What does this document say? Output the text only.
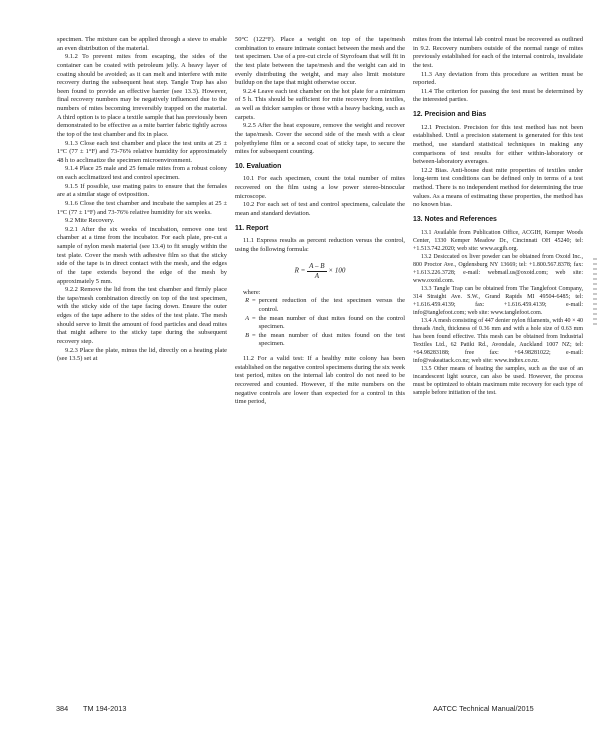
specimen. The mixture can be applied through a sieve to enable an even distribution of the material.

9.1.2 To prevent mites from escaping, the sides of the container can be coated with petroleum jelly. A heavy layer of coating should be avoided; as it can melt and interfere with mite recovery during the subsequent heat step. Tangle Trap has also been found to provide an effective barrier (see 13.3). However, final recovery numbers may be negatively influenced due to the numbers of mites becoming irreversibly trapped on the material. A third option is to place a textile sample that has previously been demonstrated to be effective as a mite barrier fabric tightly across the top of the test chamber and fix in place.

9.1.3 Close each test chamber and place the test units at 25 ± 1°C (77 ± 1°F) and 73-76% relative humidity for approximately 48 h to acclimatize the specimen microenvironment.

9.1.4 Place 25 male and 25 female mites from a robust colony on each acclimatized test and control specimen.

9.1.5 If possible, use mating pairs to ensure that the females are at a similar stage of oviposition.

9.1.6 Close the test chamber and incubate the samples at 25 ± 1°C (77 ± 1°F) and 73-76% relative humidity for six weeks.

9.2 Mite Recovery.

9.2.1 After the six weeks of incubation, remove one test chamber at a time from the incubator. For each plate, pre-cut a sample of nylon mesh material (see 13.4) to fit snugly within the test plate. Cover the mesh with adhesive film so that the sticky side of the tape is in direct contact with the mesh, and the edges of the tape extends beyond the edge of the mesh by approximately 5 mm.

9.2.2 Remove the lid from the test chamber and firmly place the tape/mesh combination directly on top of the test specimen, with the sticky side of the tape facing down. Ensure the outer edges of the tape adhere to the sides of the test plate. The mesh should serve to limit the amount of food particles and dead mites that might adhere to the sticky tape during the subsequent recovery step.

9.2.3 Place the plate, minus the lid, directly on a heating plate (see 13.5) set at

50°C (122°F). Place a weight on top of the tape/mesh combination to ensure intimate contact between the mesh and the test specimen. Use of a pre-cut circle of Styrofoam that will fit in the test plate between the tape/mesh and the weight can aid in evenly distributing the weight, and may also limit moisture buildup on the tape that might otherwise occur.

9.2.4 Leave each test chamber on the hot plate for a minimum of 5 h. This should be sufficient for mite recovery from textiles, as well as thicker samples or those with a heavy backing, such as carpets.

9.2.5 After the heat exposure, remove the weight and recover the tape/mesh. Cover the second side of the mesh with a clear polyethylene film or a second coat of sticky tape, to secure the mites for subsequent counting.

10. Evaluation

10.1 For each specimen, count the total number of mites recovered on the film using a low power stereo-binocular microscope.

10.2 For each set of test and control specimens, calculate the mean and standard deviation.

11. Report

11.1 Express results as percent reduction versus the control, using the following formula:

$R = \frac{A - B}{A} \times 100$

where:

R = percent reduction of the test specimen versus the control.
A = the mean number of dust mites found on the control specimen.
B = the mean number of dust mites found on the test specimen.

11.2 For a valid test: If a healthy mite colony has been established on the negative control specimens during the six week test period, mites on the internal lab control do not need to be recovered and counted. However, if the mite numbers on the negative controls are lower than expected for a control in this time period,

mites from the internal lab control must be recovered as outlined in 9.2. Recovery numbers outside of the normal range of mites previously established for each of the internal controls, invalidate the test.

11.3 Any deviation from this procedure as written must be reported.

11.4 The criterion for passing the test must be determined by the interested parties.

12. Precision and Bias

12.1 Precision. Precision for this test method has not been established. Until a precision statement is generated for this test method, use standard statistical techniques in making any comparisons of test results for either within-laboratory or between-laboratory averages.

12.2 Bias. Anti-house dust mite properties of textiles under long-term test conditions can be defined only in terms of a test method. There is no independent method for determining the true values. As a means of estimating these properties, the method has no known bias.

13. Notes and References

13.1 Available from Publication Office, ACGIH, Kemper Woods Center, 1330 Kemper Meadow Dr., Cincinnati OH 45240; tel: +1.513.742.2020; web site: www.acgih.org.

13.2 Desiccated ox liver powder can be obtained from Oxoid Inc., 800 Proctor Ave., Ogdensburg NY 13669; tel: +1.800.567.8378; fax: +1.613.226.3728; e-mail: webmail.us@oxoid.com; web site: www.oxoid.com.

13.3 Tangle Trap can be obtained from The Tanglefoot Company, 314 Straight Ave. S.W., Grand Rapids MI 49504-6485; tel: +1.616.459.4139; fax: +1.616.459.4139; e-mail: info@tanglefoot.com; web site: www.tanglefoot.com.

13.4 A mesh consisting of 447 denier nylon filaments, with 40 × 40 threads /inch, thickness of 0.36 mm and with a hole size of 0.63 mm has been found effective. This mesh can be obtained from Industrial Textiles Ltd., 62 Patiki Rd., Avondale, Auckland 1007 NZ; tel: +64.98283188; free fax: +64.98281022; e-mail: info@vakeattack.co.nz; web site: www.indtex.co.nz.

13.5 Other means of heating the samples, such as the use of an incandescent light source, can also be used. However, the process must be optimized to obtain maximum mite recovery for each type of sample before initiation of the test.

384 TM 194-2013	AATCC Technical Manual/2015
